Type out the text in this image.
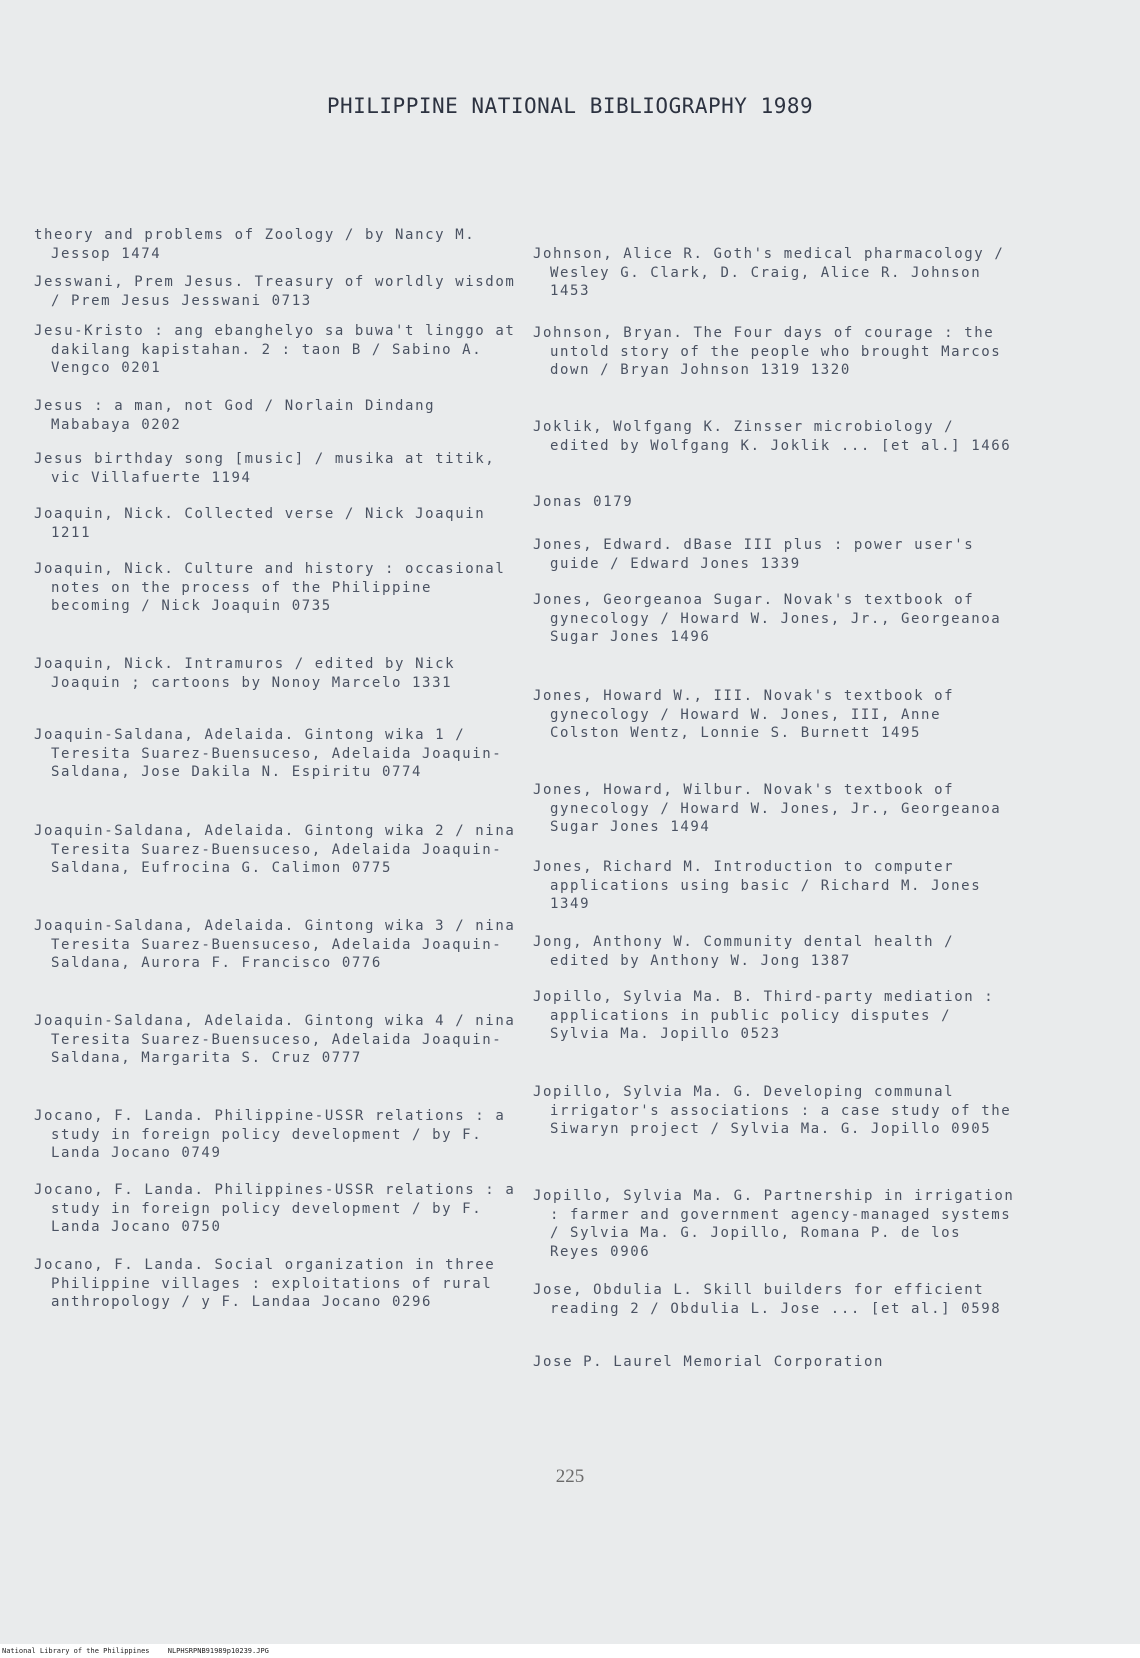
PHILIPPINE NATIONAL BIBLIOGRAPHY 1989
theory and problems of Zoology / by Nancy M. Jessop 1474
Jesswani, Prem Jesus. Treasury of worldly wisdom / Prem Jesus Jesswani 0713
Jesu-Kristo : ang ebanghelyo sa buwa't linggo at dakilang kapistahan. 2 : taon B / Sabino A. Vengco 0201
Jesus : a man, not God / Norlain Dindang Mababaya 0202
Jesus birthday song [music] / musika at titik, vic Villafuerte 1194
Joaquin, Nick. Collected verse / Nick Joaquin 1211
Joaquin, Nick. Culture and history : occasional notes on the process of the Philippine becoming / Nick Joaquin 0735
Joaquin, Nick. Intramuros / edited by Nick Joaquin ; cartoons by Nonoy Marcelo 1331
Joaquin-Saldana, Adelaida. Gintong wika 1 / Teresita Suarez-Buensuceso, Adelaida Joaquin-Saldana, Jose Dakila N. Espiritu 0774
Joaquin-Saldana, Adelaida. Gintong wika 2 / nina Teresita Suarez-Buensuceso, Adelaida Joaquin-Saldana, Eufrocina G. Calimon 0775
Joaquin-Saldana, Adelaida. Gintong wika 3 / nina Teresita Suarez-Buensuceso, Adelaida Joaquin-Saldana, Aurora F. Francisco 0776
Joaquin-Saldana, Adelaida. Gintong wika 4 / nina Teresita Suarez-Buensuceso, Adelaida Joaquin-Saldana, Margarita S. Cruz 0777
Jocano, F. Landa. Philippine-USSR relations : a study in foreign policy development / by F. Landa Jocano 0749
Jocano, F. Landa. Philippines-USSR relations : a study in foreign policy development / by F. Landa Jocano 0750
Jocano, F. Landa. Social organization in three Philippine villages : exploitations of rural anthropology / y F. Landaa Jocano 0296
Johnson, Alice R. Goth's medical pharmacology / Wesley G. Clark, D. Craig, Alice R. Johnson 1453
Johnson, Bryan. The Four days of courage : the untold story of the people who brought Marcos down / Bryan Johnson 1319 1320
Joklik, Wolfgang K. Zinsser microbiology / edited by Wolfgang K. Joklik ... [et al.] 1466
Jonas 0179
Jones, Edward. dBase III plus : power user's guide / Edward Jones 1339
Jones, Georgeanoa Sugar. Novak's textbook of gynecology / Howard W. Jones, Jr., Georgeanoa Sugar Jones 1496
Jones, Howard W., III. Novak's textbook of gynecology / Howard W. Jones, III, Anne Colston Wentz, Lonnie S. Burnett 1495
Jones, Howard, Wilbur. Novak's textbook of gynecology / Howard W. Jones, Jr., Georgeanoa Sugar Jones 1494
Jones, Richard M. Introduction to computer applications using basic / Richard M. Jones 1349
Jong, Anthony W. Community dental health / edited by Anthony W. Jong 1387
Jopillo, Sylvia Ma. B. Third-party mediation : applications in public policy disputes / Sylvia Ma. Jopillo 0523
Jopillo, Sylvia Ma. G. Developing communal irrigator's associations : a case study of the Siwaryn project / Sylvia Ma. G. Jopillo 0905
Jopillo, Sylvia Ma. G. Partnership in irrigation : farmer and government agency-managed systems / Sylvia Ma. G. Jopillo, Romana P. de los Reyes 0906
Jose, Obdulia L. Skill builders for efficient reading 2 / Obdulia L. Jose ... [et al.] 0598
Jose P. Laurel Memorial Corporation
225
National Library of the Philippines	NLPHSRPNB91989p10239.JPG
